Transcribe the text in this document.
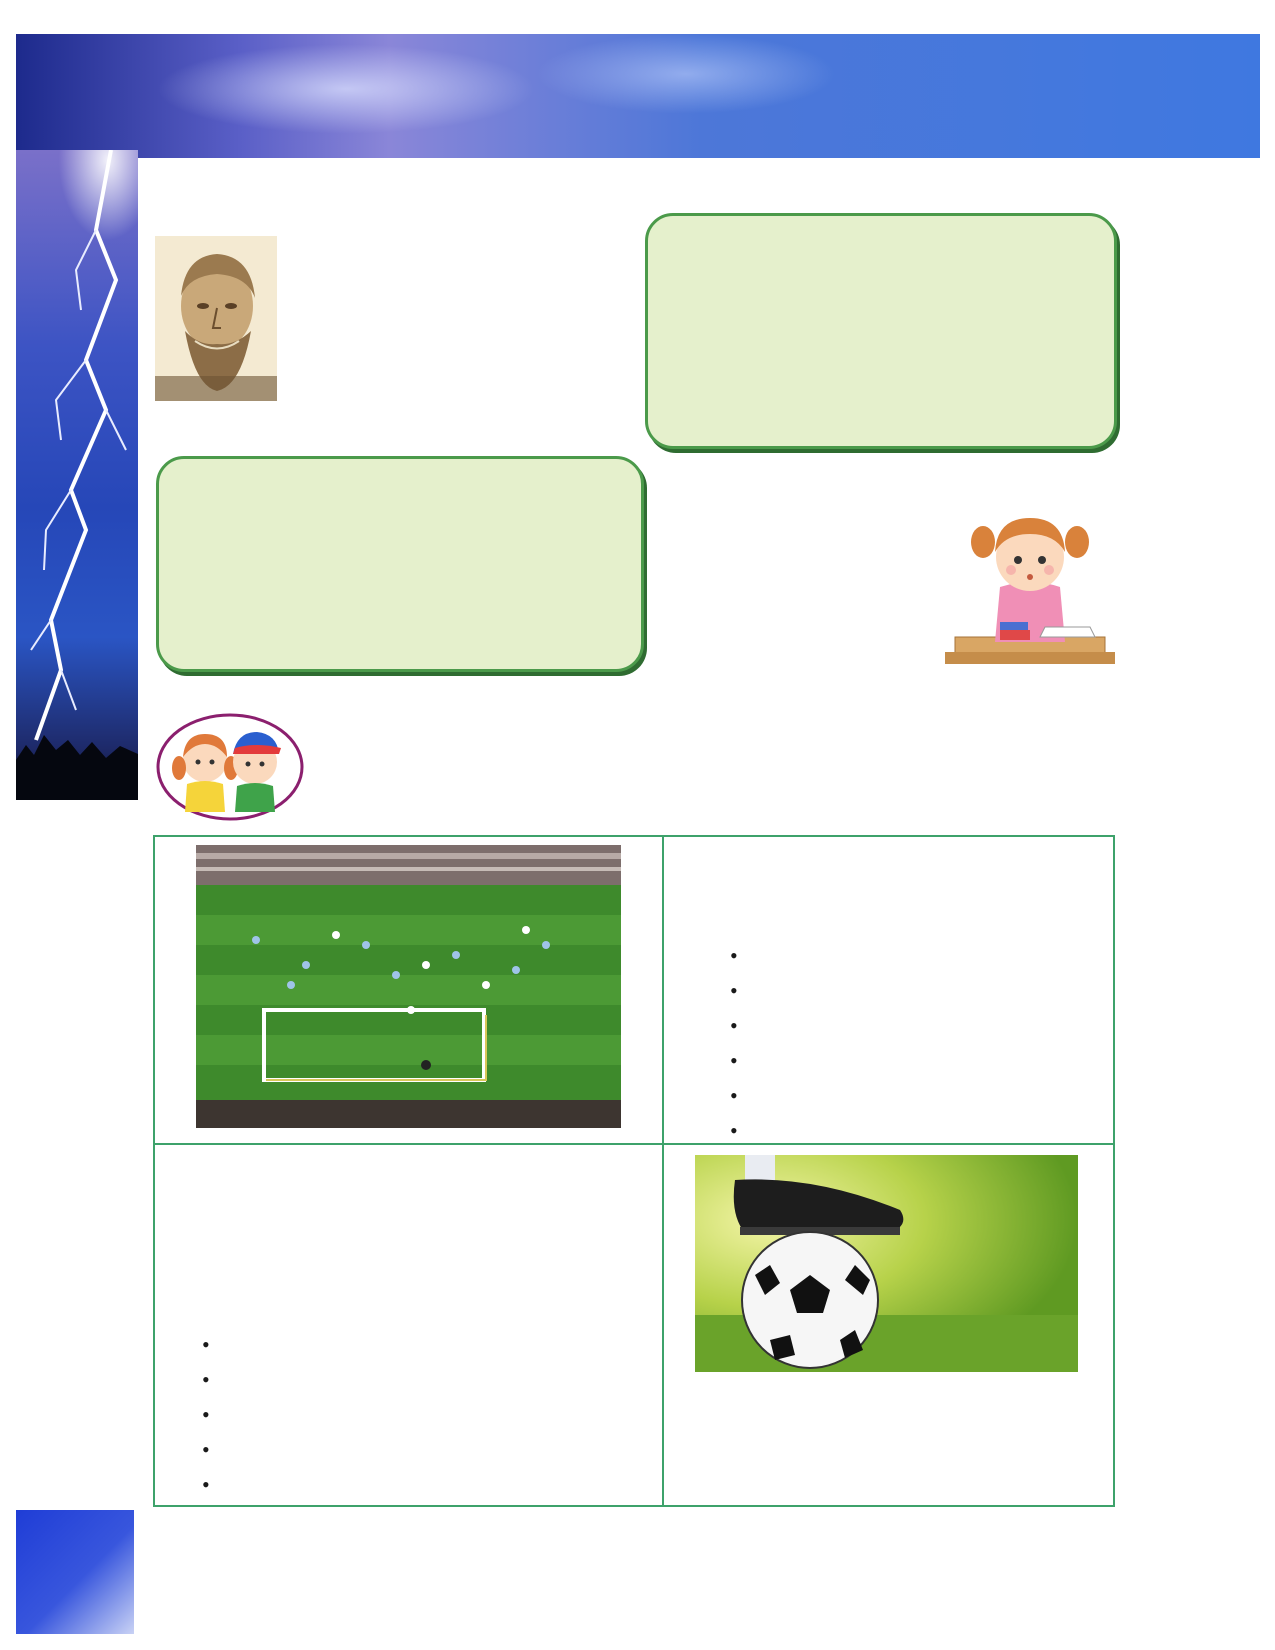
•
•
•
•
•
•
•
•
•
•
•
